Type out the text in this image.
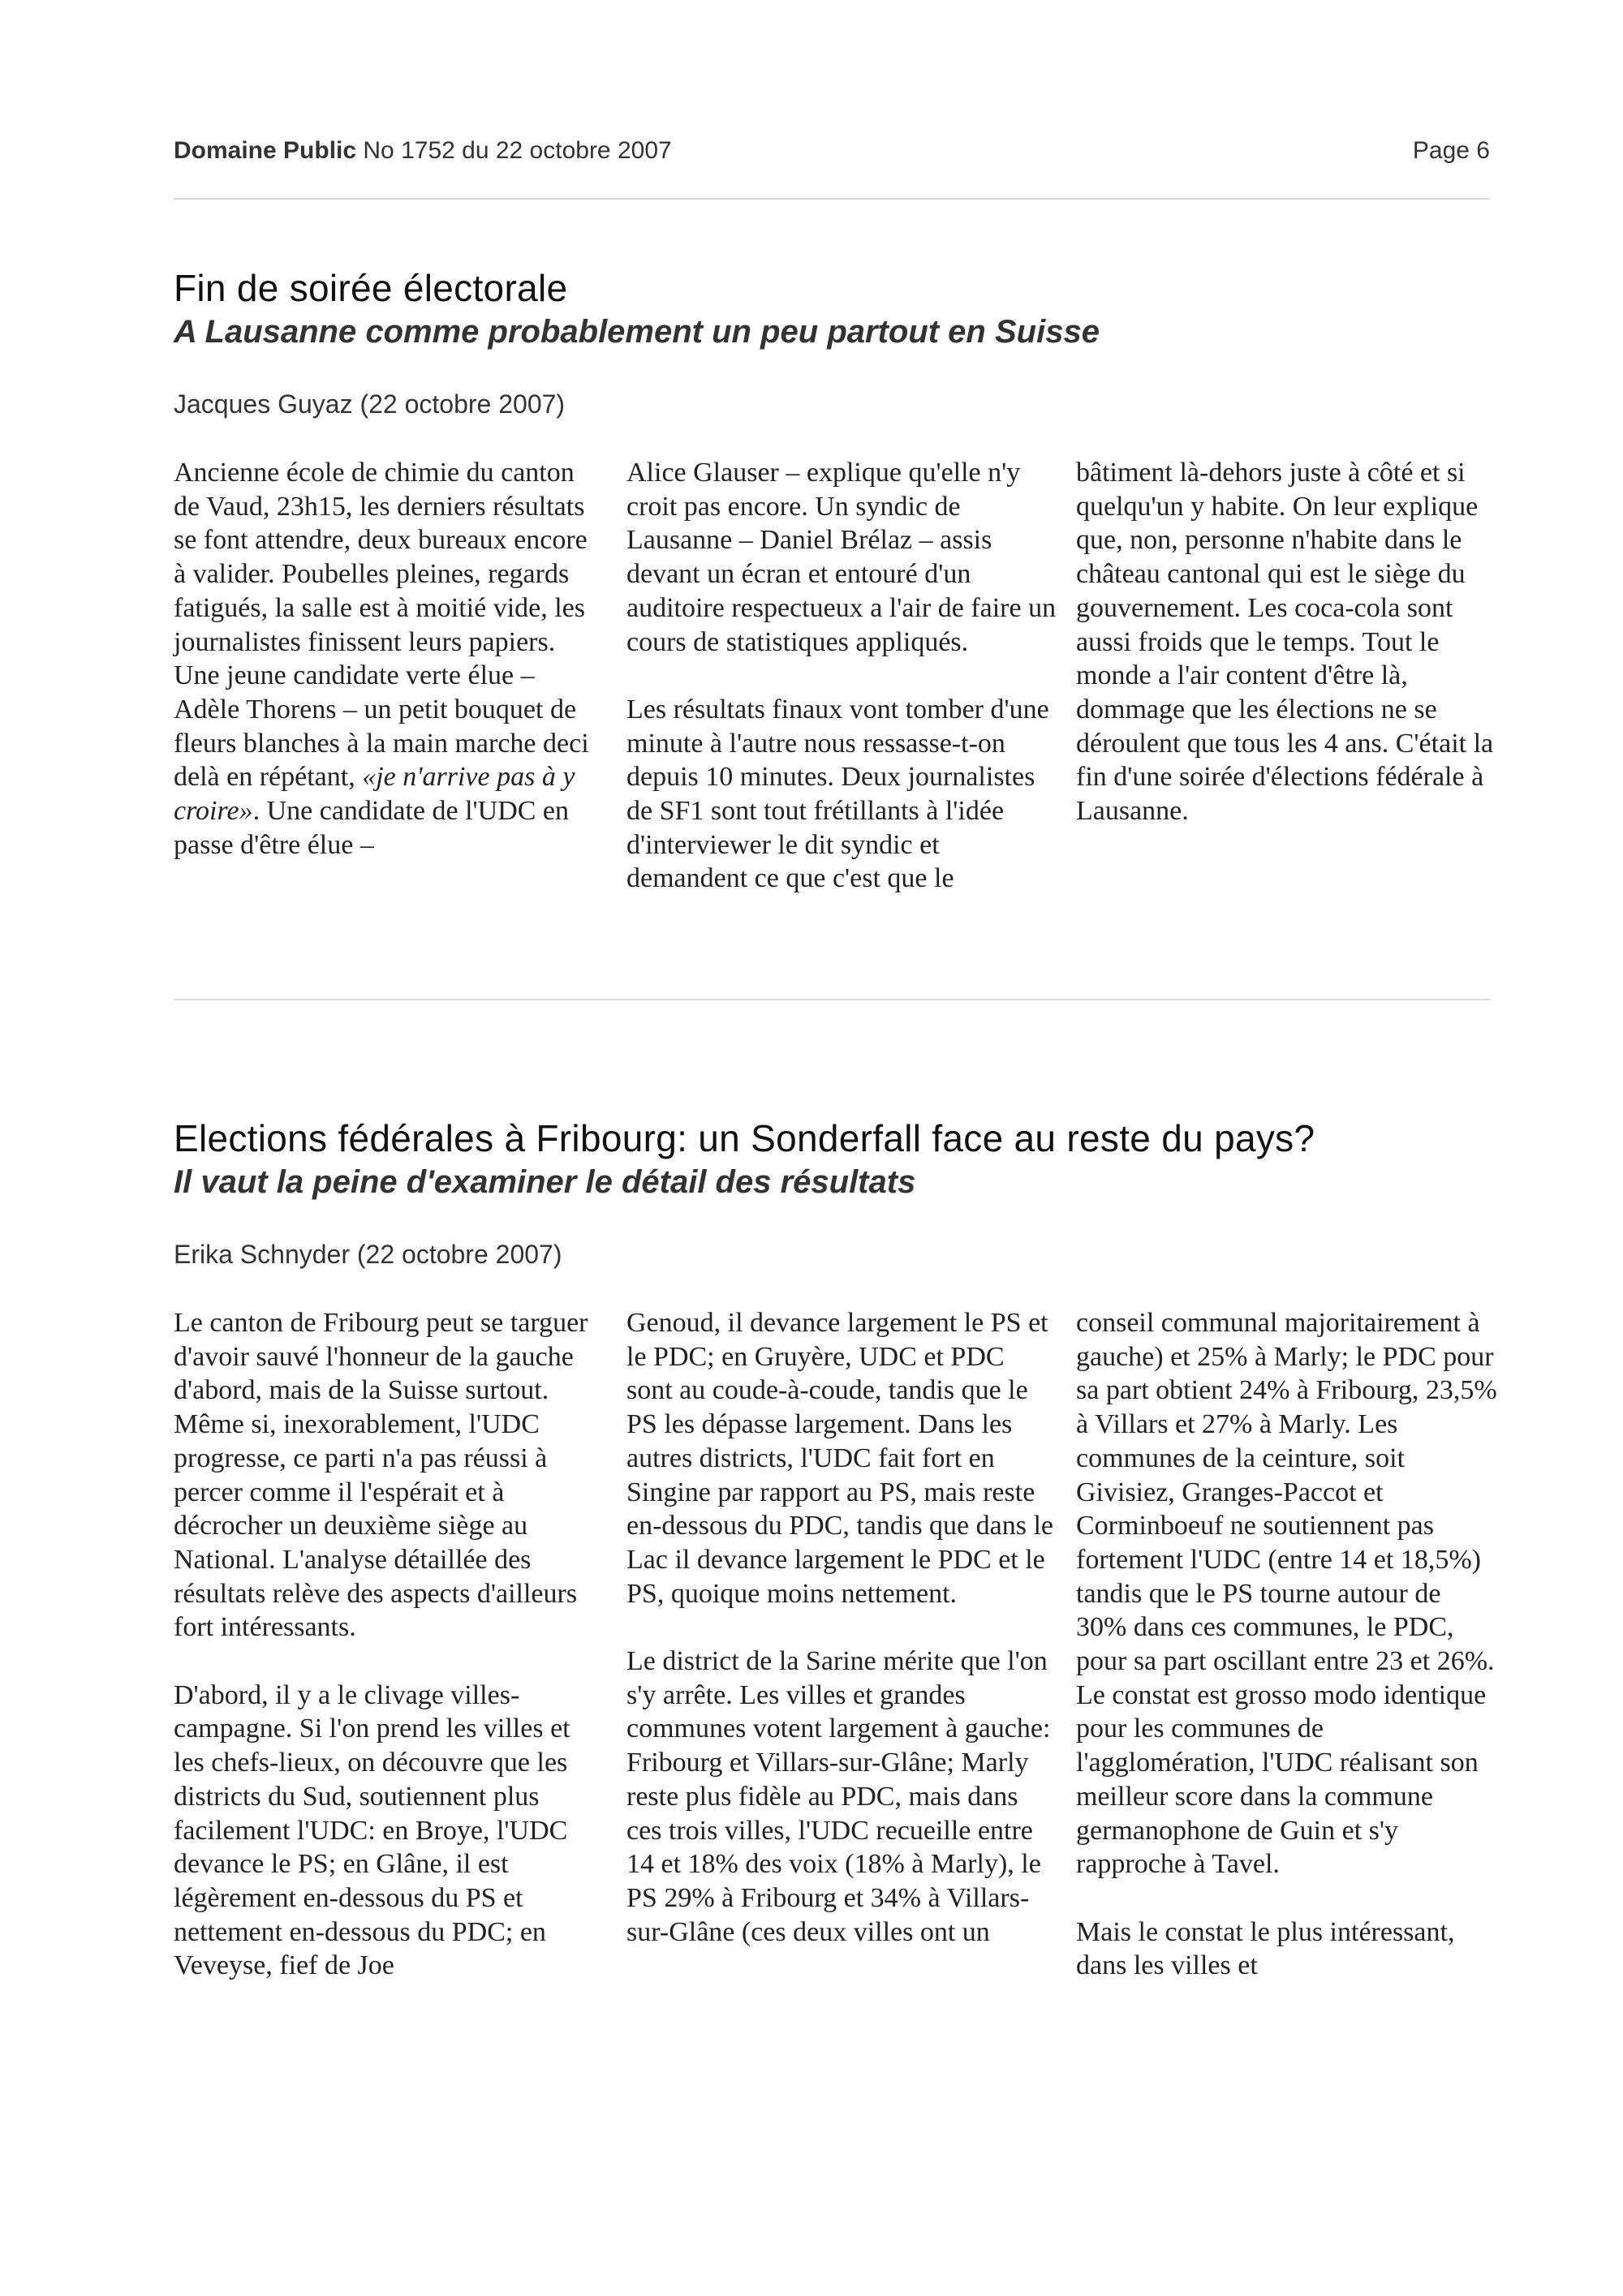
Domaine Public No 1752 du 22 octobre 2007	Page 6
Fin de soirée électorale
A Lausanne comme probablement un peu partout en Suisse
Jacques Guyaz (22 octobre 2007)

Ancienne école de chimie du canton de Vaud, 23h15, les derniers résultats se font attendre, deux bureaux encore à valider. Poubelles pleines, regards fatigués, la salle est à moitié vide, les journalistes finissent leurs papiers. Une jeune candidate verte élue – Adèle Thorens – un petit bouquet de fleurs blanches à la main marche deci delà en répétant, «je n'arrive pas à y croire». Une candidate de l'UDC en passe d'être élue –

Alice Glauser – explique qu'elle n'y croit pas encore. Un syndic de Lausanne – Daniel Brélaz – assis devant un écran et entouré d'un auditoire respectueux a l'air de faire un cours de statistiques appliqués.

Les résultats finaux vont tomber d'une minute à l'autre nous ressasse-t-on depuis 10 minutes. Deux journalistes de SF1 sont tout frétillants à l'idée d'interviewer le dit syndic et demandent ce que c'est que le

bâtiment là-dehors juste à côté et si quelqu'un y habite. On leur explique que, non, personne n'habite dans le château cantonal qui est le siège du gouvernement. Les coca-cola sont aussi froids que le temps. Tout le monde a l'air content d'être là, dommage que les élections ne se déroulent que tous les 4 ans. C'était la fin d'une soirée d'élections fédérale à Lausanne.

Elections fédérales à Fribourg: un Sonderfall face au reste du pays?
Il vaut la peine d'examiner le détail des résultats
Erika Schnyder (22 octobre 2007)

Le canton de Fribourg peut se targuer d'avoir sauvé l'honneur de la gauche d'abord, mais de la Suisse surtout. Même si, inexorablement, l'UDC progresse, ce parti n'a pas réussi à percer comme il l'espérait et à décrocher un deuxième siège au National. L'analyse détaillée des résultats relève des aspects d'ailleurs fort intéressants.

D'abord, il y a le clivage villes-campagne. Si l'on prend les villes et les chefs-lieux, on découvre que les districts du Sud, soutiennent plus facilement l'UDC: en Broye, l'UDC devance le PS; en Glâne, il est légèrement en-dessous du PS et nettement en-dessous du PDC; en Veveyse, fief de Joe

Genoud, il devance largement le PS et le PDC; en Gruyère, UDC et PDC sont au coude-à-coude, tandis que le PS les dépasse largement. Dans les autres districts, l'UDC fait fort en Singine par rapport au PS, mais reste en-dessous du PDC, tandis que dans le Lac il devance largement le PDC et le PS, quoique moins nettement.

Le district de la Sarine mérite que l'on s'y arrête. Les villes et grandes communes votent largement à gauche: Fribourg et Villars-sur-Glâne; Marly reste plus fidèle au PDC, mais dans ces trois villes, l'UDC recueille entre 14 et 18% des voix (18% à Marly), le PS 29% à Fribourg et 34% à Villars-sur-Glâne (ces deux villes ont un

conseil communal majoritairement à gauche) et 25% à Marly; le PDC pour sa part obtient 24% à Fribourg, 23,5% à Villars et 27% à Marly. Les communes de la ceinture, soit Givisiez, Granges-Paccot et Corminboeuf ne soutiennent pas fortement l'UDC (entre 14 et 18,5%) tandis que le PS tourne autour de 30% dans ces communes, le PDC, pour sa part oscillant entre 23 et 26%. Le constat est grosso modo identique pour les communes de l'agglomération, l'UDC réalisant son meilleur score dans la commune germanophone de Guin et s'y rapproche à Tavel.

Mais le constat le plus intéressant, dans les villes et
